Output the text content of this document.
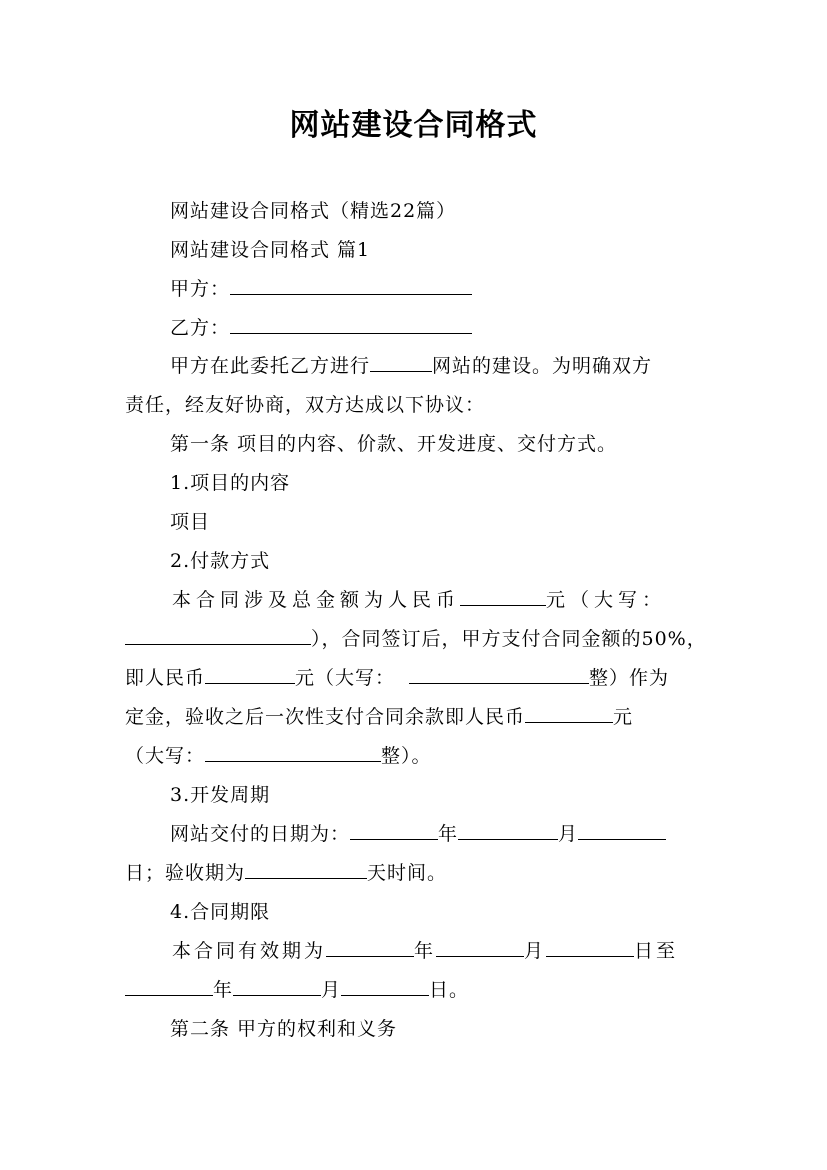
网站建设合同格式
网站建设合同格式（精选22篇）
网站建设合同格式 篇1
甲方：
乙方：
甲方在此委托乙方进行	网站的建设。为明确双方
责任，经友好协商，双方达成以下协议：
第一条 项目的内容、价款、开发进度、交付方式。
1.项目的内容
项目
2.付款方式
本合同涉及总金额为人民币	元（大写：
），合同签订后，甲方支付合同金额的50%，
即人民币	元（大写：	整）作为
定金，验收之后一次性支付合同余款即人民币	元
（大写：	整）。
3.开发周期
网站交付的日期为：	年	月
日；验收期为	天时间。
4.合同期限
本合同有效期为	年	月	日至
年	月	日。
第二条 甲方的权利和义务
